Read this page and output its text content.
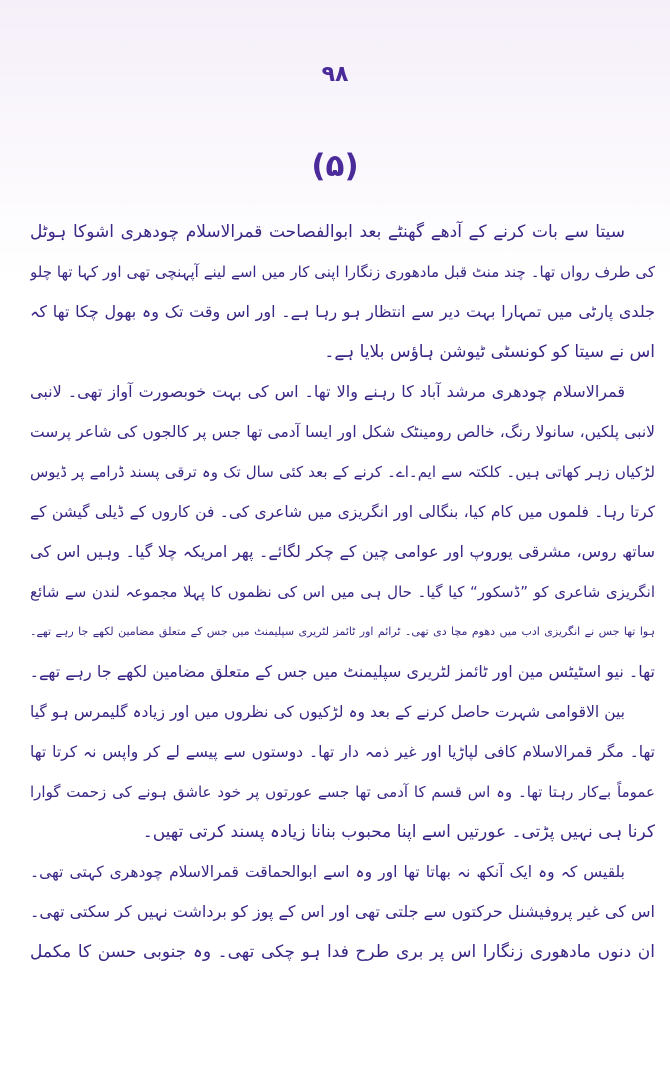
۹۸
(۵)
سیتا سے بات کرنے کے آدھے گھنٹے بعد ابوالفصاحت قمرالاسلام چودھری اشوکا ہوٹل
کی طرف رواں تھا۔ چند منٹ قبل مادھوری زنگارا اپنی کار میں اسے لینے آپہنچی تھی اور کہا تھا چلو
جلدی پارٹی میں تمہارا بہت دیر سے انتظار ہو رہا ہے۔ اور اس وقت تک وہ بھول چکا تھا کہ
اس نے سیتا کو کونسٹی ٹیوشن ہاؤس بلایا ہے۔
قمرالاسلام چودھری مرشد آباد کا رہنے والا تھا۔ اس کی بہت خوبصورت آواز تھی۔ لانبی
لانبی پلکیں، سانولا رنگ، خالص رومینٹک شکل اور ایسا آدمی تھا جس پر کالجوں کی شاعر پرست
لڑکیاں زہر کھاتی ہیں۔ کلکتہ سے ایم۔اے۔ کرنے کے بعد کئی سال تک وہ ترقی پسند ڈرامے پر ڈیوس
کرتا رہا۔ فلموں میں کام کیا، بنگالی اور انگریزی میں شاعری کی۔ فن کاروں کے ڈیلی گیشن کے
ساتھ روس، مشرقی یوروپ اور عوامی چین کے چکر لگائے۔ پھر امریکہ چلا گیا۔ وہیں اس کی
انگریزی شاعری کو ”ڈسکور“ کیا گیا۔ حال ہی میں اس کی نظموں کا پہلا مجموعہ لندن سے شائع
ہوا تھا جس نے انگریزی ادب میں دھوم مچا دی تھی۔ ٹرائم اور ٹائمز لٹریری سپلیمنٹ میں جس کے متعلق مضامین لکھے جا رہے تھے۔
تھا۔ نیو اسٹیٹس مین اور ٹائمز لٹریری سپلیمنٹ میں جس کے متعلق مضامین لکھے جا رہے تھے۔
بین الاقوامی شہرت حاصل کرنے کے بعد وہ لڑکیوں کی نظروں میں اور زیادہ گلیمرس ہو گیا
تھا۔ مگر قمرالاسلام کافی لپاڑیا اور غیر ذمہ دار تھا۔ دوستوں سے پیسے لے کر واپس نہ کرتا تھا
عموماً بےکار رہتا تھا۔ وہ اس قسم کا آدمی تھا جسے عورتوں پر خود عاشق ہونے کی زحمت گوارا
کرنا ہی نہیں پڑتی۔ عورتیں اسے اپنا محبوب بنانا زیادہ پسند کرتی تھیں۔
بلقیس کہ وہ ایک آنکھ نہ بھاتا تھا اور وہ اسے ابوالحماقت قمرالاسلام چودھری کہتی تھی۔
اس کی غیر پروفیشنل حرکتوں سے جلتی تھی اور اس کے پوز کو برداشت نہیں کر سکتی تھی۔
ان دنوں مادھوری زنگارا اس پر بری طرح فدا ہو چکی تھی۔ وہ جنوبی حسن کا مکمل
